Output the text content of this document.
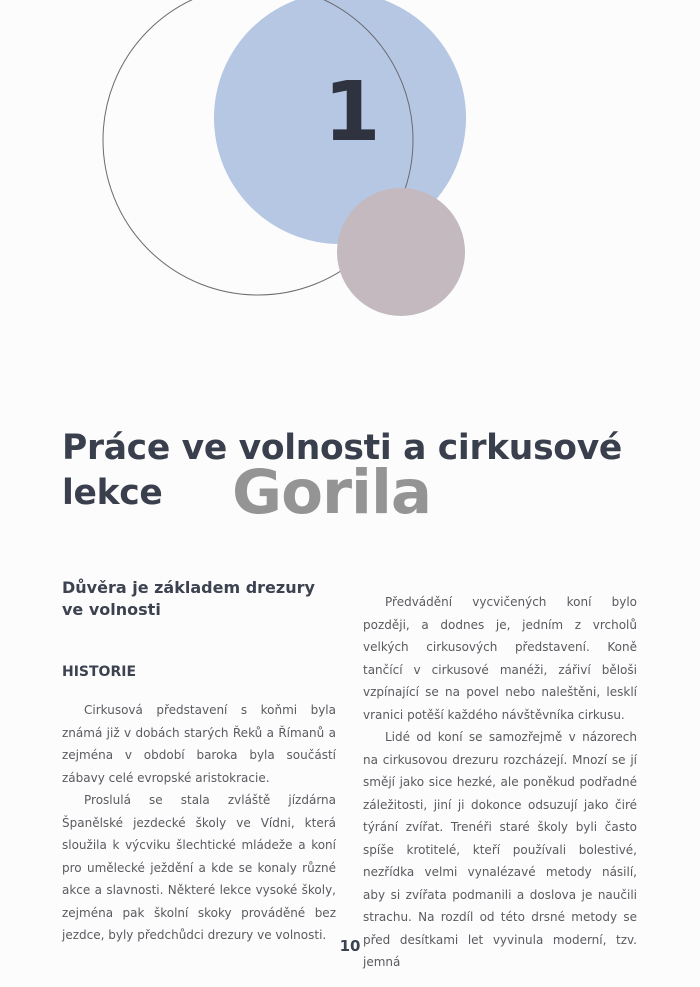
1
Práce ve volnosti a cirkusové lekce	Gorila
Důvěra je základem drezury ve volnosti
HISTORIE

Cirkusová představení s koňmi byla známá již v dobách starých Řeků a Římanů a zejména v období baroka byla součástí zábavy celé evropské aristokracie.

Proslulá se stala zvláště jízdárna Španělské jezdecké školy ve Vídni, která sloužila k výcviku šlechtické mládeže a koní pro umělecké ježdění a kde se konaly různé akce a slavnosti. Některé lekce vysoké školy, zejména pak školní skoky prováděné bez jezdce, byly předchůdci drezury ve volnosti.

Předvádění vycvičených koní bylo později, a dodnes je, jedním z vrcholů velkých cirkusových představení. Koně tančící v cirkusové manéži, zářiví běloši vzpínající se na povel nebo naleštěni, lesklí vranici potěší každého návštěvníka cirkusu.

Lidé od koní se samozřejmě v názorech na cirkusovou drezuru rozcházejí. Mnozí se jí smějí jako sice hezké, ale poněkud podřadné záležitosti, jiní ji dokonce odsuzují jako čiré týrání zvířat. Trenéři staré školy byli často spíše krotitelé, kteří používali bolestivé, nezřídka velmi vynalézavé metody násilí, aby si zvířata podmanili a doslova je naučili strachu. Na rozdíl od této drsné metody se před desítkami let vyvinula moderní, tzv. jemná

10
